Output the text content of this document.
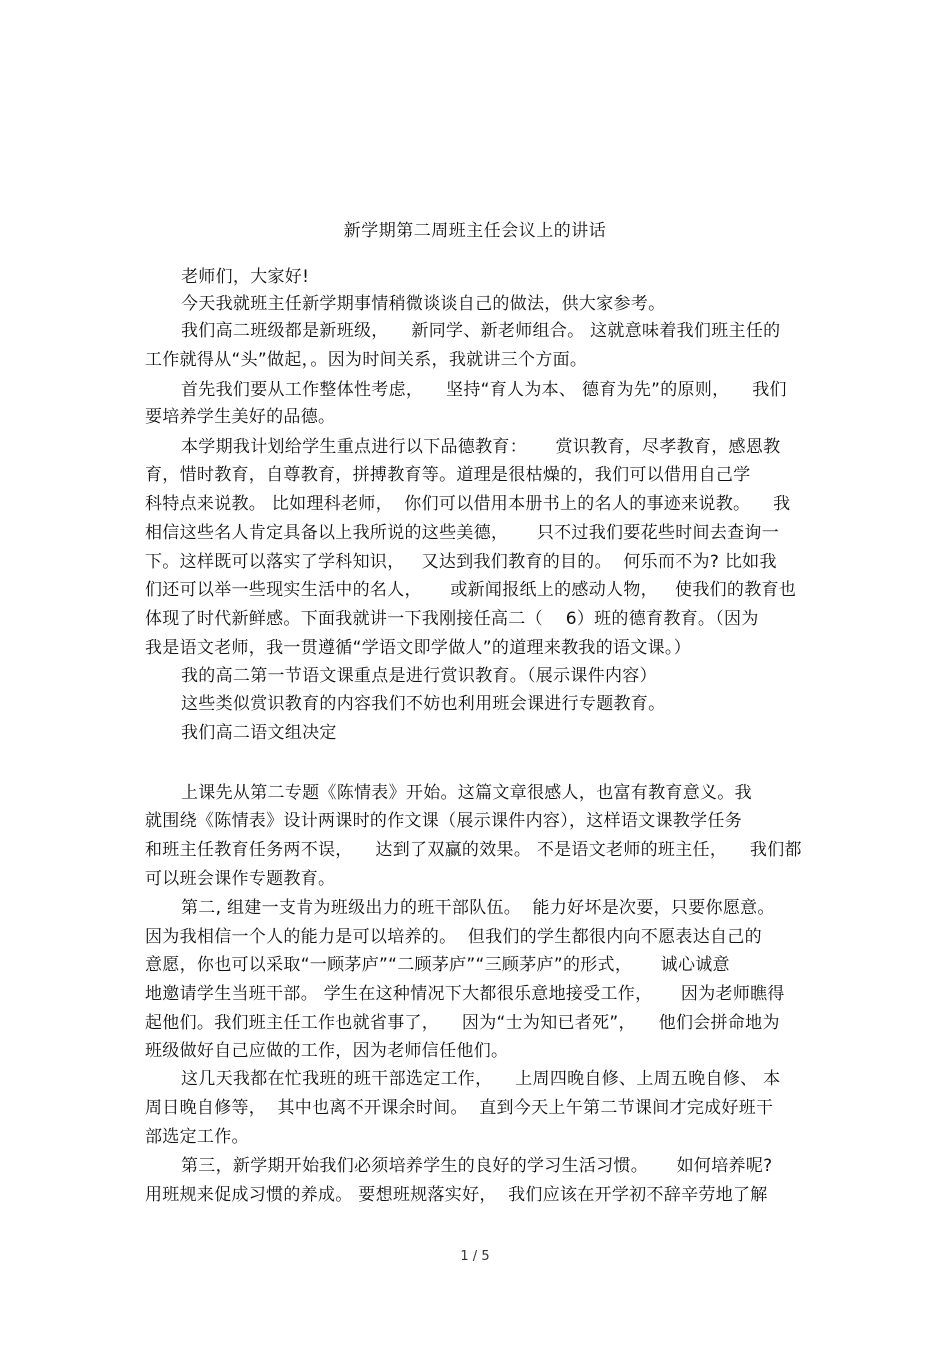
新学期第二周班主任会议上的讲话
老师们，大家好!
今天我就班主任新学期事情稍微谈谈自己的做法，供大家参考。
我们高二班级都是新班级，    新同学、新老师组合。 这就意味着我们班主任的
工作就得从“头”做起，。因为时间关系，我就讲三个方面。
首先我们要从工作整体性考虑，    坚持“育人为本、 德育为先”的原则，    我们
要培养学生美好的品德。
本学期我计划给学生重点进行以下品德教育：     赏识教育，尽孝教育，感恩教
育，惜时教育，自尊教育，拼搏教育等。道理是很枯燥的，我们可以借用自己学
科特点来说教。 比如理科老师，  你们可以借用本册书上的名人的事迹来说教。    我
相信这些名人肯定具备以上我所说的这些美德，     只不过我们要花些时间去查询一
下。这样既可以落实了学科知识，   又达到我们教育的目的。  何乐而不为? 比如我
们还可以举一些现实生活中的名人，     或新闻报纸上的感动人物，   使我们的教育也
体现了时代新鲜感。下面我就讲一下我刚接任高二（    6）班的德育教育。（因为
我是语文老师，我一贯遵循“学语文即学做人”的道理来教我的语文课。）
我的高二第一节语文课重点是进行赏识教育。（展示课件内容）
这些类似赏识教育的内容我们不妨也利用班会课进行专题教育。
我们高二语文组决定
上课先从第二专题《陈情表》开始。这篇文章很感人，也富有教育意义。我
就围绕《陈情表》设计两课时的作文课（展示课件内容），这样语文课教学任务
和班主任教育任务两不误，    达到了双赢的效果。 不是语文老师的班主任，    我们都
可以班会课作专题教育。
第二, 组建一支肯为班级出力的班干部队伍。  能力好坏是次要，只要你愿意。
因为我相信一个人的能力是可以培养的。  但我们的学生都很内向不愿表达自己的
意愿，你也可以采取“一顾茅庐”“二顾茅庐”“三顾茅庐”的形式，     诚心诚意
地邀请学生当班干部。 学生在这种情况下大都很乐意地接受工作，     因为老师瞧得
起他们。我们班主任工作也就省事了，    因为“士为知已者死”，    他们会拼命地为
班级做好自己应做的工作，因为老师信任他们。
这几天我都在忙我班的班干部选定工作，    上周四晚自修、上周五晚自修、 本
周日晚自修等，  其中也离不开课余时间。  直到今天上午第二节课间才完成好班干
部选定工作。
第三，新学期开始我们必须培养学生的良好的学习生活习惯。     如何培养呢?
用班规来促成习惯的养成。 要想班规落实好，  我们应该在开学初不辞辛劳地了解
1 / 5
